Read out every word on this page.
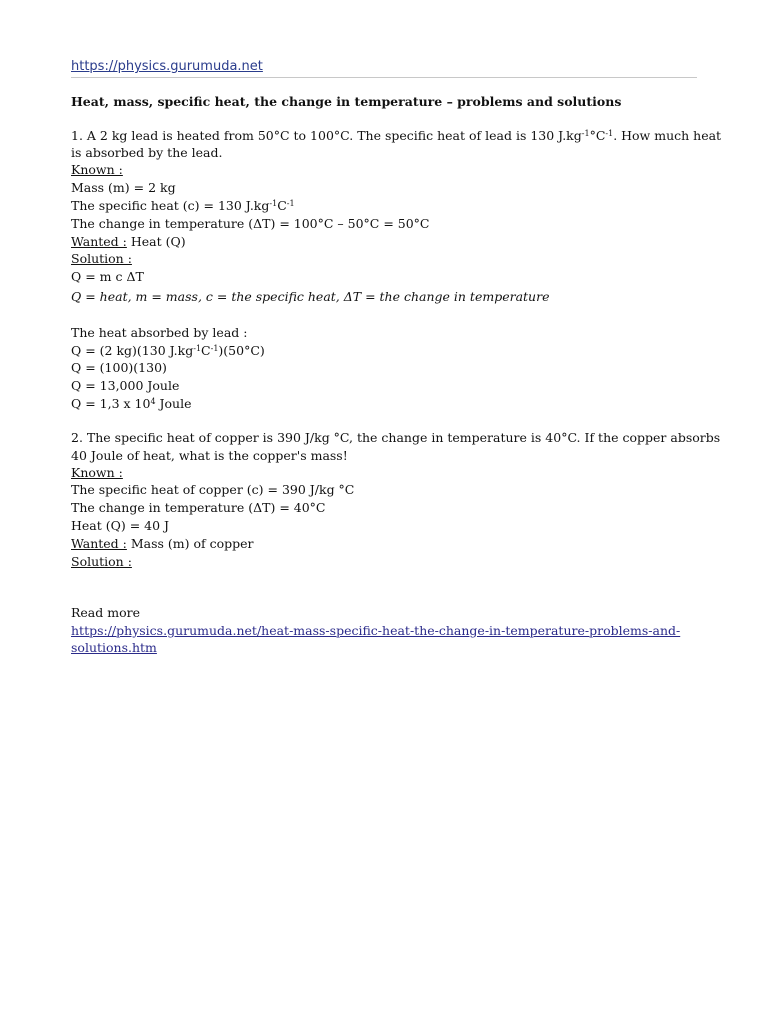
https://physics.gurumuda.net
Heat, mass, specific heat, the change in temperature – problems and solutions
1. A 2 kg lead is heated from 50°C to 100°C. The specific heat of lead is 130 $J.kg^{-1}^\circ C^{-1}$. How much heat
is absorbed by the lead.
Known :
Mass (m) = 2 kg
The specific heat (c) = 130 $J.kg^{-1}C^{-1}$
The change in temperature (ΔT) = 100°C – 50°C = 50°C
Wanted : Heat (Q)
Solution :
Q = m c ΔT
Q = heat, m = mass, c = the specific heat, ΔT = the change in temperature
The heat absorbed by lead :
Q = (2 kg)(130 $J.kg^{-1}C^{-1})(50^\circ C)$
Q = (100)(130)
Q = 13,000 Joule
Q = 1,3 x $10^4$ Joule
2. The specific heat of copper is 390 J/kg °C, the change in temperature is 40°C. If the copper absorbs
40 Joule of heat, what is the copper's mass!
Known :
The specific heat of copper (c) = 390 J/kg °C
The change in temperature (ΔT) = 40°C
Heat (Q) = 40 J
Wanted : Mass (m) of copper
Solution :
Read more
https://physics.gurumuda.net/heat-mass-specific-heat-the-change-in-temperature-problems-and-
solutions.htm
